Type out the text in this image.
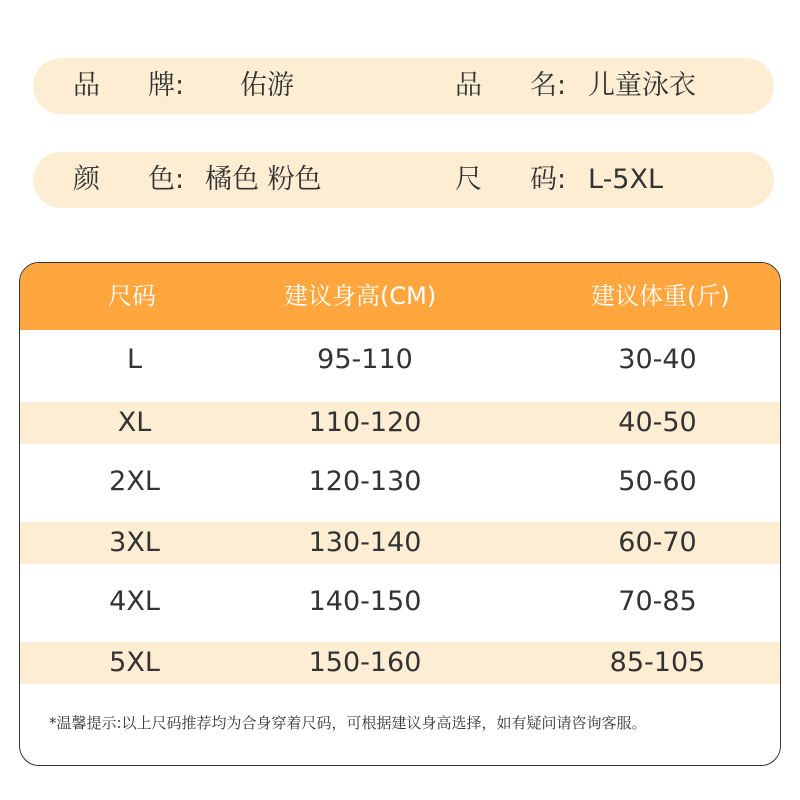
品 牌: 佑游	品 名: 儿童泳衣
颜 色: 橘色 粉色	尺 码: L-5XL
尺码	建议身高(CM)	建议体重(斤)
L	95-110	30-40
XL	110-120	40-50
2XL	120-130	50-60
3XL	130-140	60-70
4XL	140-150	70-85
5XL	150-160	85-105
*温馨提示:以上尺码推荐均为合身穿着尺码，可根据建议身高选择，如有疑问请咨询客服。
